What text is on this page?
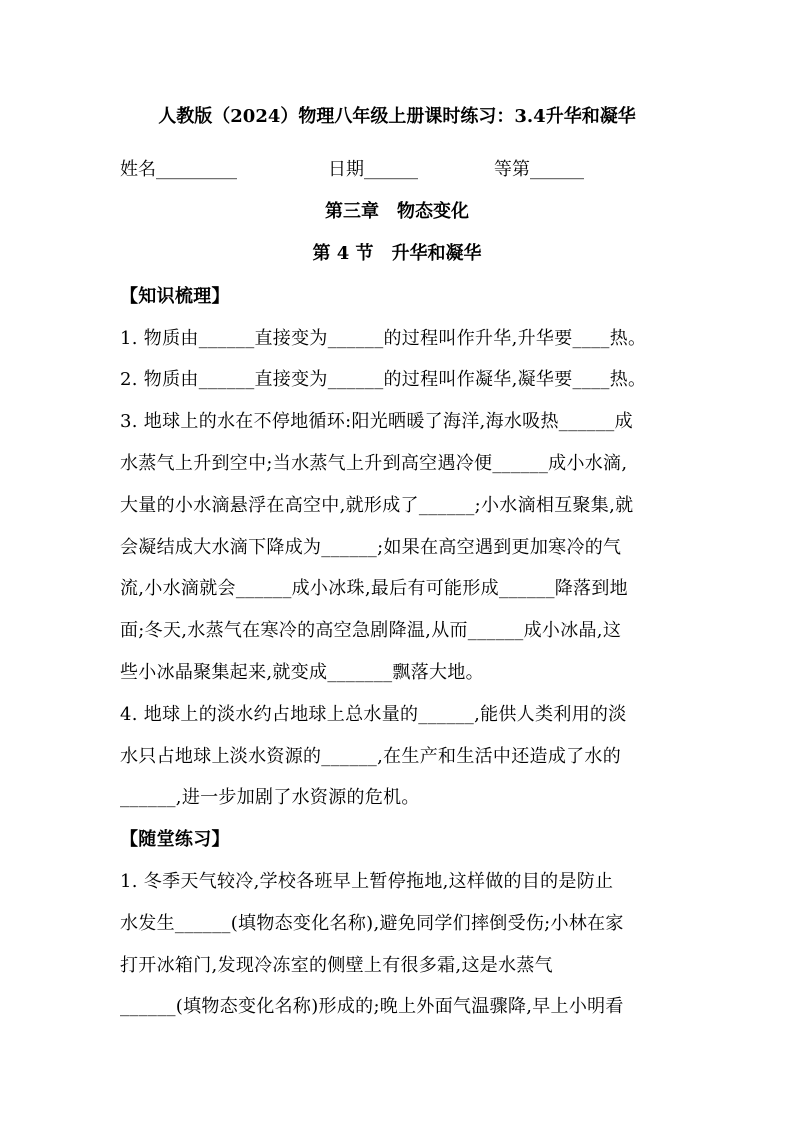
人教版（2024）物理八年级上册课时练习：3.4升华和凝华
姓名_________	日期______	等第______
第三章　物态变化
第 4 节　升华和凝华
【知识梳理】
1. 物质由______直接变为______的过程叫作升华,升华要____热。
2. 物质由______直接变为______的过程叫作凝华,凝华要____热。
3. 地球上的水在不停地循环:阳光晒暖了海洋,海水吸热______成
水蒸气上升到空中;当水蒸气上升到高空遇冷便______成小水滴,
大量的小水滴悬浮在高空中,就形成了______;小水滴相互聚集,就
会凝结成大水滴下降成为______;如果在高空遇到更加寒冷的气
流,小水滴就会______成小冰珠,最后有可能形成______降落到地
面;冬天,水蒸气在寒冷的高空急剧降温,从而______成小冰晶,这
些小冰晶聚集起来,就变成_______飘落大地。
4. 地球上的淡水约占地球上总水量的______,能供人类利用的淡
水只占地球上淡水资源的______,在生产和生活中还造成了水的
______,进一步加剧了水资源的危机。
【随堂练习】
1. 冬季天气较冷,学校各班早上暂停拖地,这样做的目的是防止
水发生______(填物态变化名称),避免同学们摔倒受伤;小林在家
打开冰箱门,发现冷冻室的侧壁上有很多霜,这是水蒸气
______(填物态变化名称)形成的;晚上外面气温骤降,早上小明看
